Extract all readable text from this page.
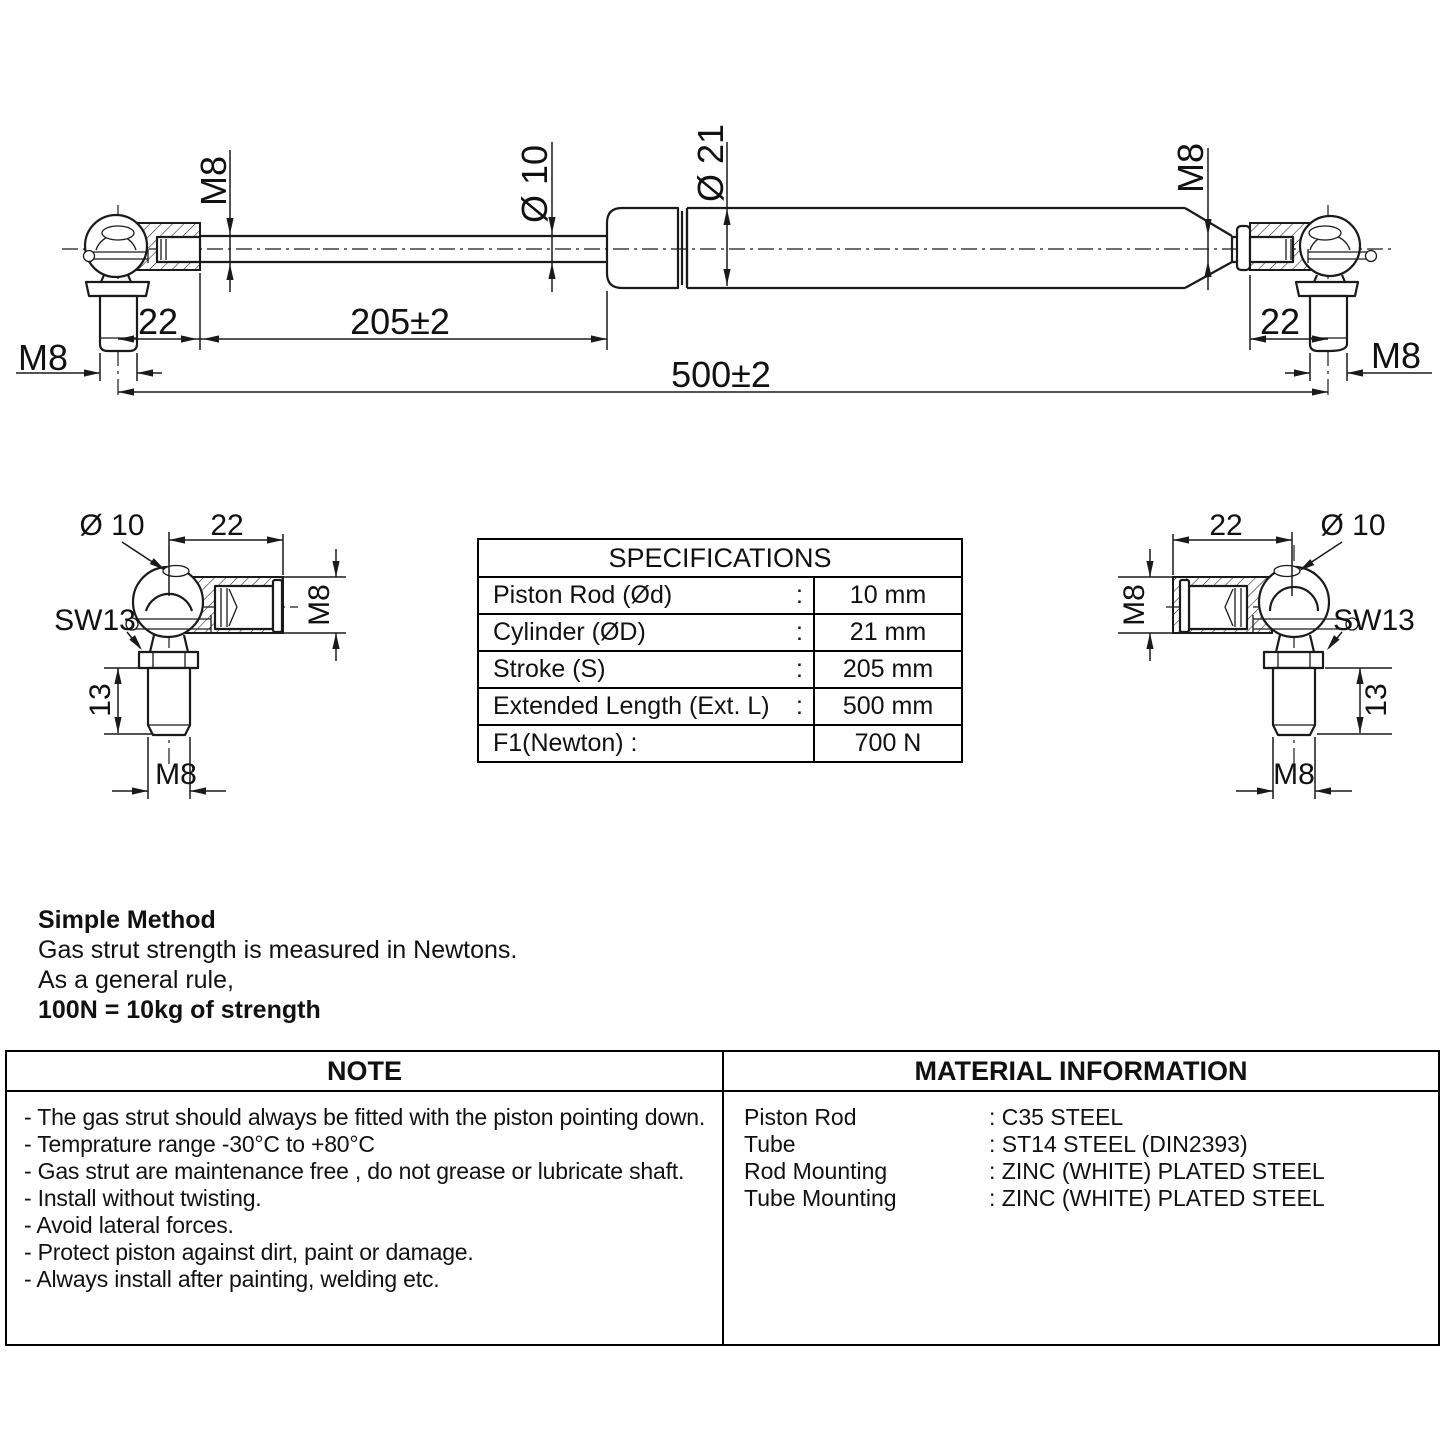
M8	Ø 10	Ø 21	M8
22	205±2	22
500±2
M8	M8
Ø 10 22
SW13	M8
13
M8
22	Ø 10
SW13
M8
13
M8
SPECIFICATIONS
Piston Rod (Ød)	:	10 mm
Cylinder (ØD)	:	21 mm
Stroke (S)	:	205 mm
Extended Length (Ext. L) :	500 mm
F1(Newton) :	700 N
Simple Method
Gas strut strength is measured in Newtons.
As a general rule,
100N = 10kg of strength
NOTE
- The gas strut should always be fitted with the piston pointing down.
- Temprature range -30°C to +80°C
- Gas strut are maintenance free , do not grease or lubricate shaft.
- Install without twisting.
- Avoid lateral forces.
- Protect piston against dirt, paint or damage.
- Always install after painting, welding etc.
MATERIAL INFORMATION
Piston Rod	: C35 STEEL
Tube	: ST14 STEEL (DIN2393)
Rod Mounting	: ZINC (WHITE) PLATED STEEL
Tube Mounting	: ZINC (WHITE) PLATED STEEL
